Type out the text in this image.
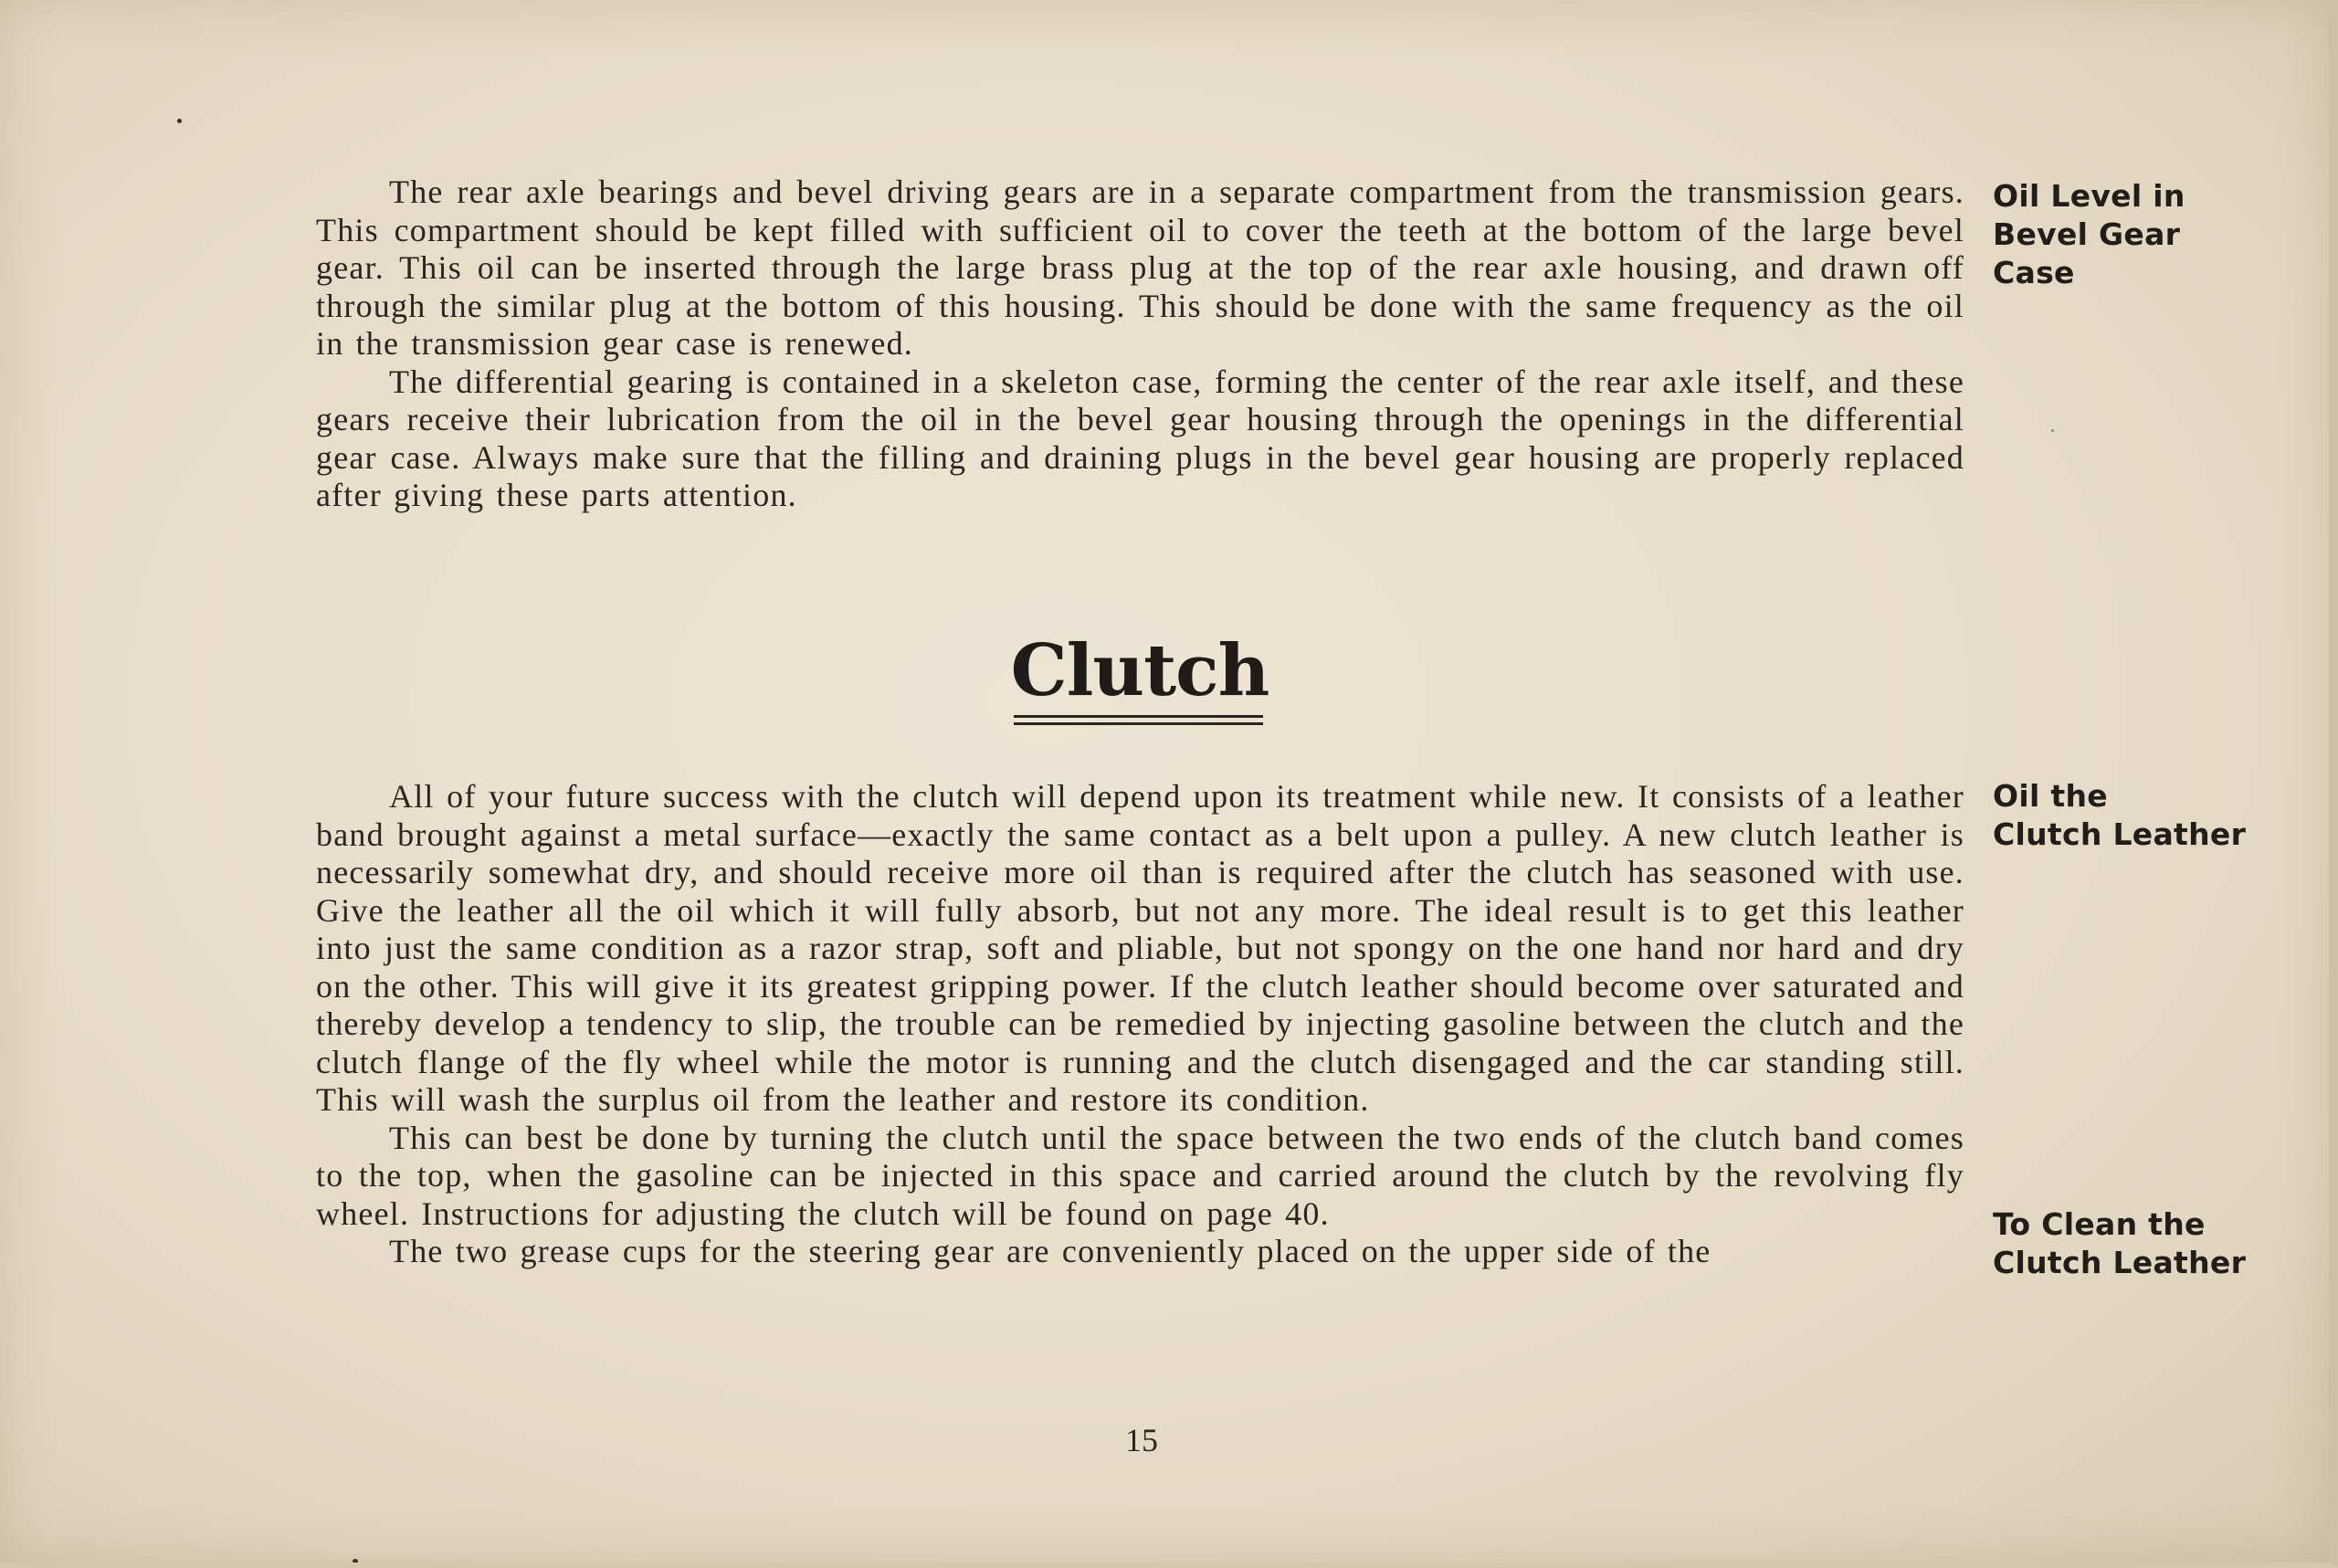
The rear axle bearings and bevel driving gears are in a separate compartment from the transmission gears. This compartment should be kept filled with sufficient oil to cover the teeth at the bottom of the large bevel gear. This oil can be inserted through the large brass plug at the top of the rear axle housing, and drawn off through the similar plug at the bottom of this housing. This should be done with the same frequency as the oil in the transmission gear case is renewed.

The differential gearing is contained in a skeleton case, forming the center of the rear axle itself, and these gears receive their lubrication from the oil in the bevel gear housing through the openings in the differential gear case. Always make sure that the filling and draining plugs in the bevel gear housing are properly replaced after giving these parts attention.

Oil Level in
Bevel Gear
Case
Clutch

All of your future success with the clutch will depend upon its treatment while new. It consists of a leather band brought against a metal surface—exactly the same contact as a belt upon a pulley. A new clutch leather is necessarily somewhat dry, and should receive more oil than is required after the clutch has seasoned with use. Give the leather all the oil which it will fully absorb, but not any more. The ideal result is to get this leather into just the same condition as a razor strap, soft and pliable, but not spongy on the one hand nor hard and dry on the other. This will give it its greatest gripping power. If the clutch leather should become over saturated and thereby develop a tendency to slip, the trouble can be remedied by injecting gasoline between the clutch and the clutch flange of the fly wheel while the motor is running and the clutch disengaged and the car standing still. This will wash the surplus oil from the leather and restore its condition.

This can best be done by turning the clutch until the space between the two ends of the clutch band comes to the top, when the gasoline can be injected in this space and carried around the clutch by the revolving fly wheel. Instructions for adjusting the clutch will be found on page 40.

The two grease cups for the steering gear are conveniently placed on the upper side of the

Oil the
Clutch Leather
To Clean the
Clutch Leather
15
